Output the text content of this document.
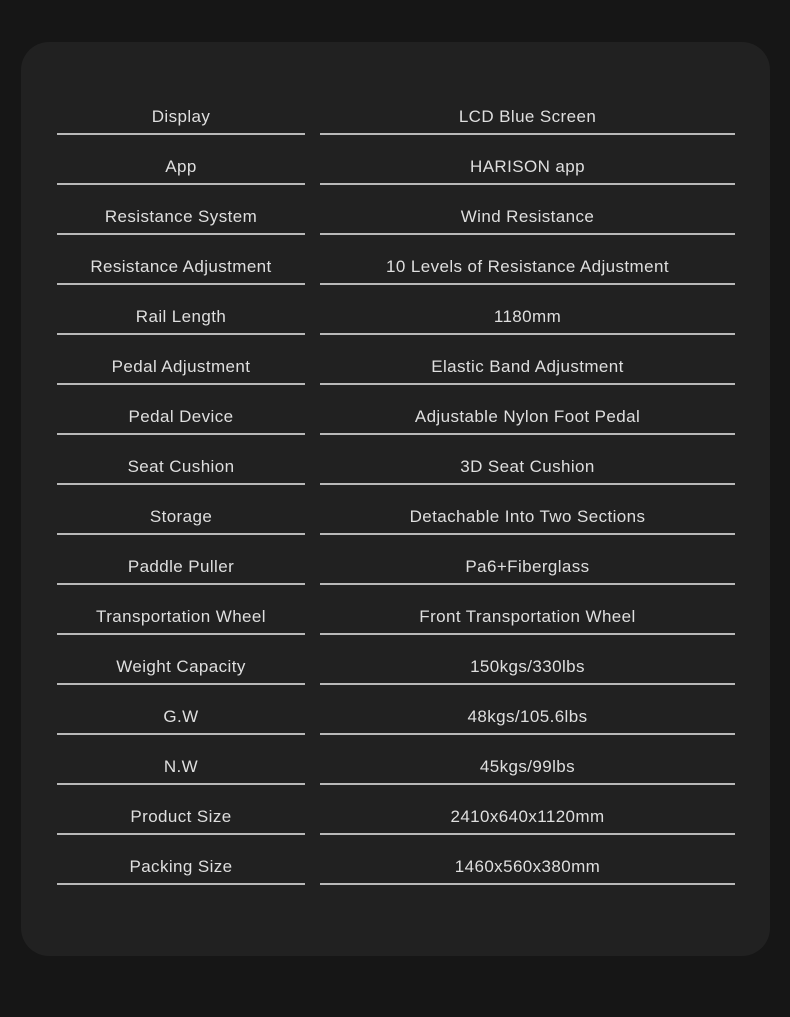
Display	LCD Blue Screen
App	HARISON app
Resistance System	Wind Resistance
Resistance Adjustment	10 Levels of Resistance Adjustment
Rail Length	1180mm
Pedal Adjustment	Elastic Band Adjustment
Pedal Device	Adjustable Nylon Foot Pedal
Seat Cushion	3D Seat Cushion
Storage	Detachable Into Two Sections
Paddle Puller	Pa6+Fiberglass
Transportation Wheel	Front Transportation Wheel
Weight Capacity	150kgs/330lbs
G.W	48kgs/105.6lbs
N.W	45kgs/99lbs
Product Size	2410x640x1120mm
Packing Size	1460x560x380mm
